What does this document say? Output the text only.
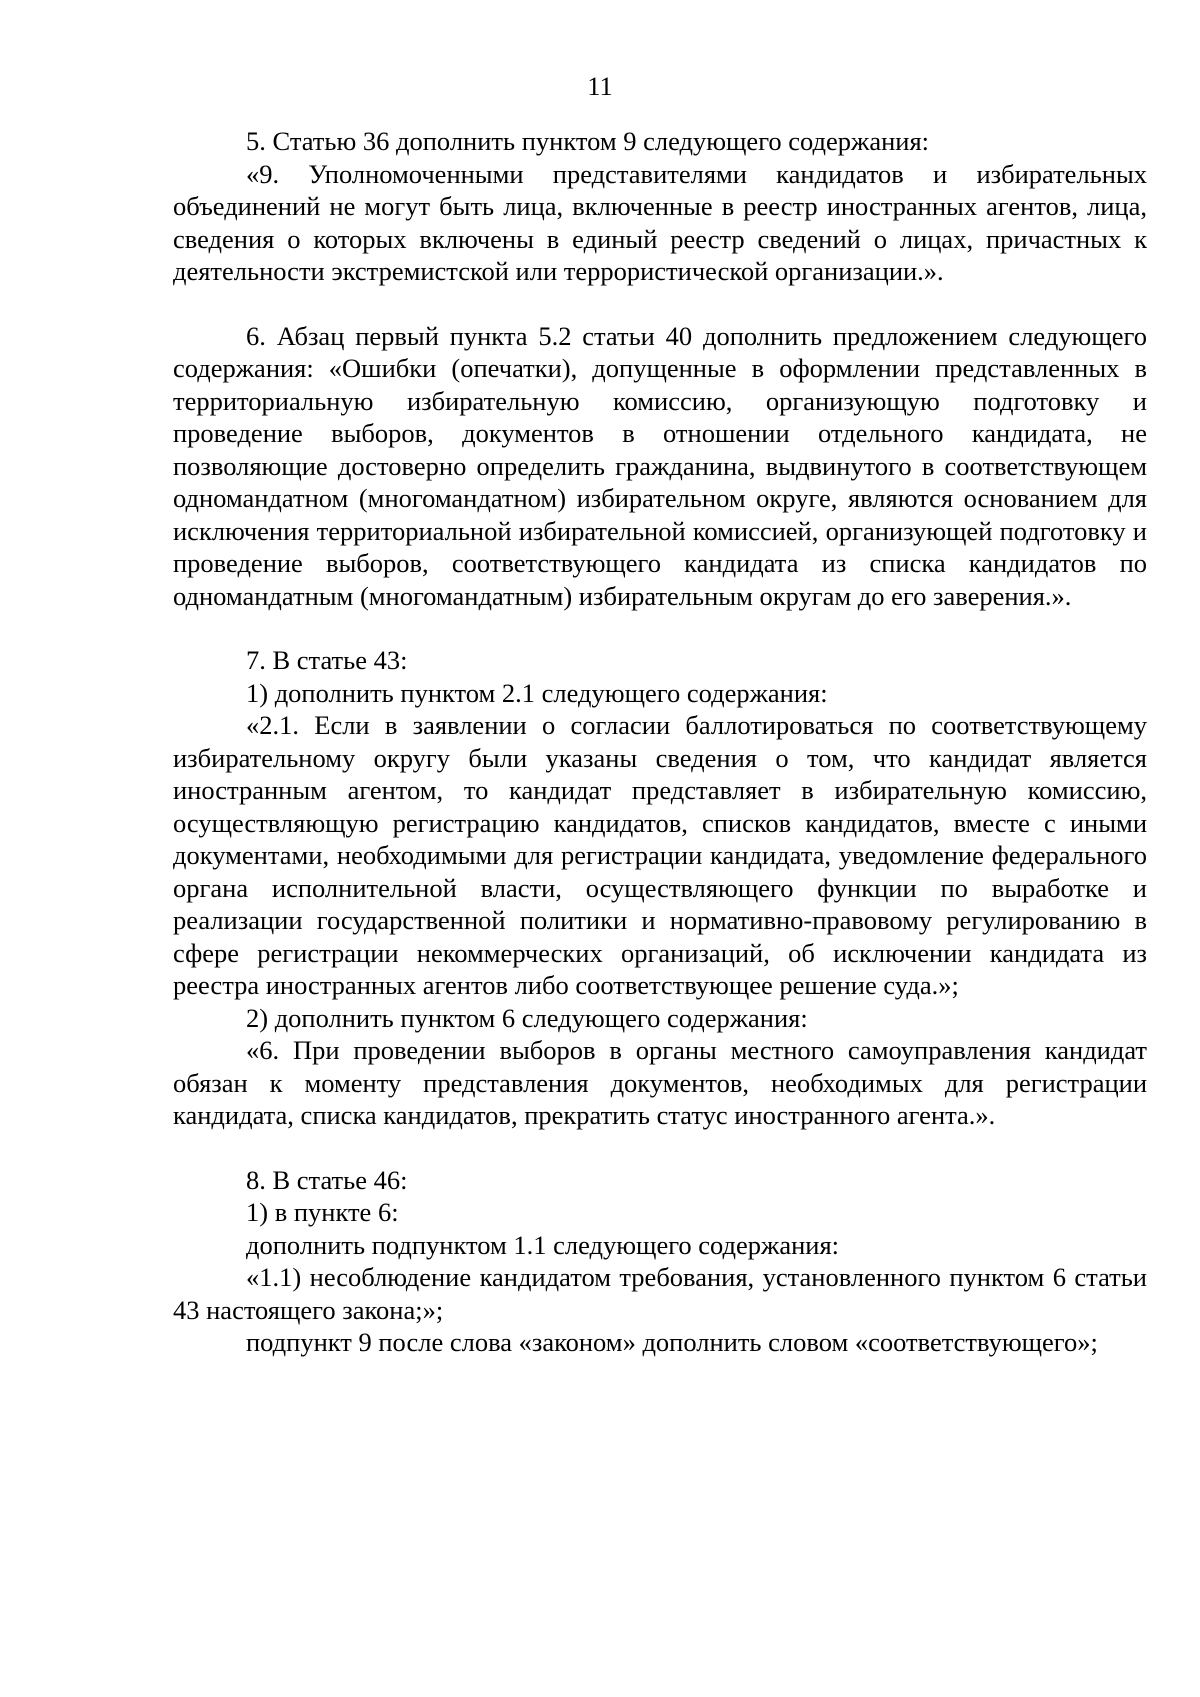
11

5. Статью 36 дополнить пунктом 9 следующего содержания:

«9. Уполномоченными представителями кандидатов и избирательных объединений не могут быть лица, включенные в реестр иностранных агентов, лица, сведения о которых включены в единый реестр сведений о лицах, причастных к деятельности экстремистской или террористической организации.».

6. Абзац первый пункта 5.2 статьи 40 дополнить предложением следующего содержания: «Ошибки (опечатки), допущенные в оформлении представленных в территориальную избирательную комиссию, организующую подготовку и проведение выборов, документов в отношении отдельного кандидата, не позволяющие достоверно определить гражданина, выдвинутого в соответствующем одномандатном (многомандатном) избирательном округе, являются основанием для исключения территориальной избирательной комиссией, организующей подготовку и проведение выборов, соответствующего кандидата из списка кандидатов по одномандатным (многомандатным) избирательным округам до его заверения.».

7. В статье 43:

1) дополнить пунктом 2.1 следующего содержания:

«2.1. Если в заявлении о согласии баллотироваться по соответствующему избирательному округу были указаны сведения о том, что кандидат является иностранным агентом, то кандидат представляет в избирательную комиссию, осуществляющую регистрацию кандидатов, списков кандидатов, вместе с иными документами, необходимыми для регистрации кандидата, уведомление федерального органа исполнительной власти, осуществляющего функции по выработке и реализации государственной политики и нормативно-правовому регулированию в сфере регистрации некоммерческих организаций, об исключении кандидата из реестра иностранных агентов либо соответствующее решение суда.»;

2) дополнить пунктом 6 следующего содержания:

«6. При проведении выборов в органы местного самоуправления кандидат обязан к моменту представления документов, необходимых для регистрации кандидата, списка кандидатов, прекратить статус иностранного агента.».

8. В статье 46:

1) в пункте 6:

дополнить подпунктом 1.1 следующего содержания:

«1.1) несоблюдение кандидатом требования, установленного пунктом 6 статьи 43 настоящего закона;»;

подпункт 9 после слова «законом» дополнить словом «соответствующего»;
